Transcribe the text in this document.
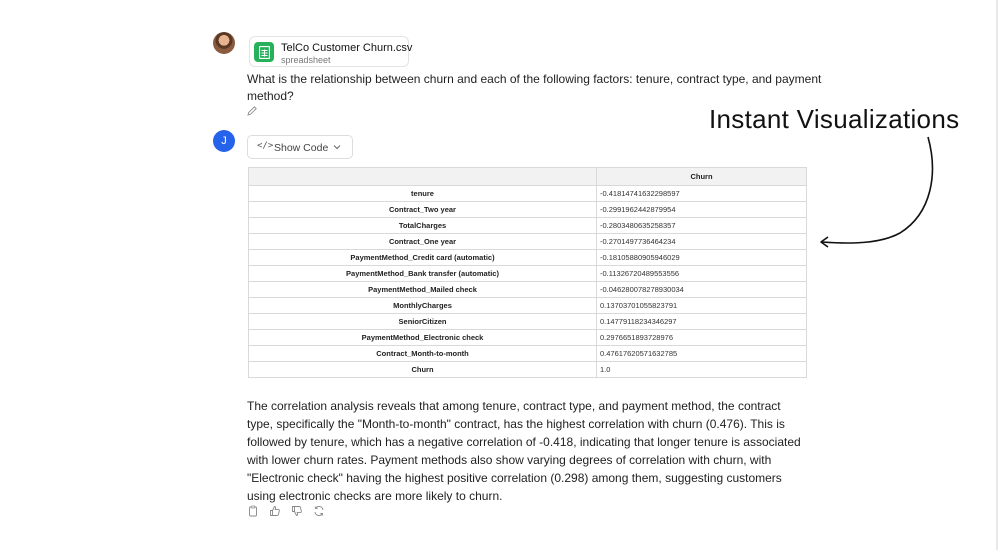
TelCo Customer Churn.csv
spreadsheet
What is the relationship between churn and each of the following factors: tenure, contract type, and payment method?
J	</> Show Code
	Churn
tenure	-0.41814741632298597
Contract_Two year	-0.2991962442879954
TotalCharges	-0.2803480635258357
Contract_One year	-0.2701497736464234
PaymentMethod_Credit card (automatic)	-0.18105880905946029
PaymentMethod_Bank transfer (automatic)	-0.11326720489553556
PaymentMethod_Mailed check	-0.046280078278930034
MonthlyCharges	0.13703701055823791
SeniorCitizen	0.14779118234346297
PaymentMethod_Electronic check	0.2976651893728976
Contract_Month-to-month	0.47617620571632785
Churn	1.0
The correlation analysis reveals that among tenure, contract type, and payment method, the contract type, specifically the "Month-to-month" contract, has the highest correlation with churn (0.476). This is followed by tenure, which has a negative correlation of -0.418, indicating that longer tenure is associated with lower churn rates. Payment methods also show varying degrees of correlation with churn, with "Electronic check" having the highest positive correlation (0.298) among them, suggesting customers using electronic checks are more likely to churn.
Instant Visualizations
